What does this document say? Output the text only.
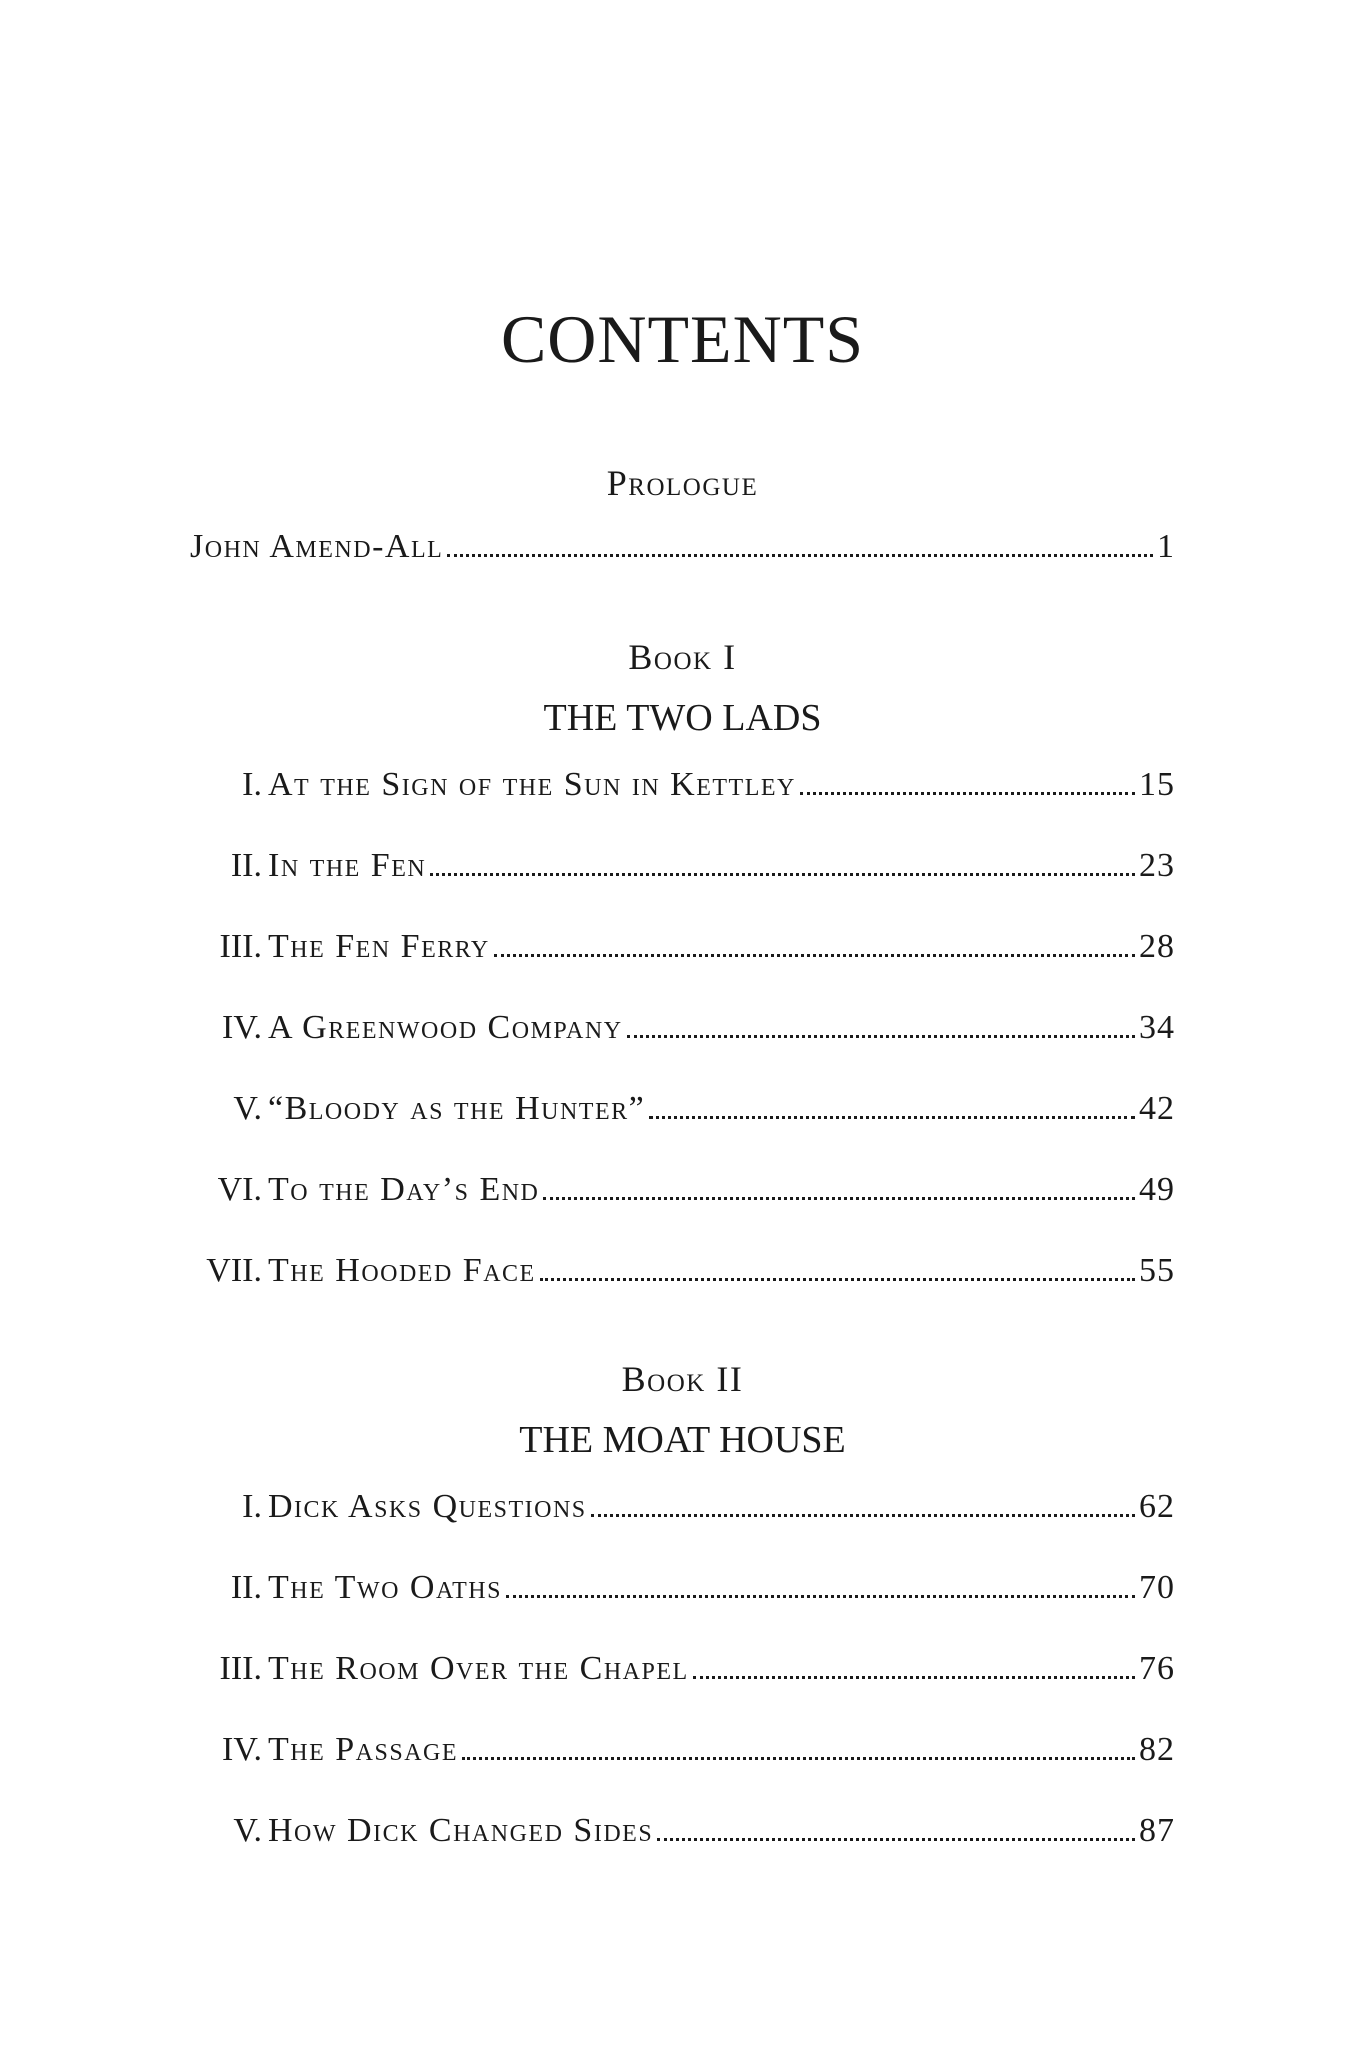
CONTENTS
Prologue
John Amend-All	1
Book I
THE TWO LADS
I. At the Sign of the Sun in Kettley	15
II. In the Fen	23
III. The Fen Ferry	28
IV. A Greenwood Company	34
V. “Bloody as the Hunter”	42
VI. To the Day’s End	49
VII. The Hooded Face	55
Book II
THE MOAT HOUSE
I. Dick Asks Questions	62
II. The Two Oaths	70
III. The Room Over the Chapel	76
IV. The Passage	82
V. How Dick Changed Sides	87
